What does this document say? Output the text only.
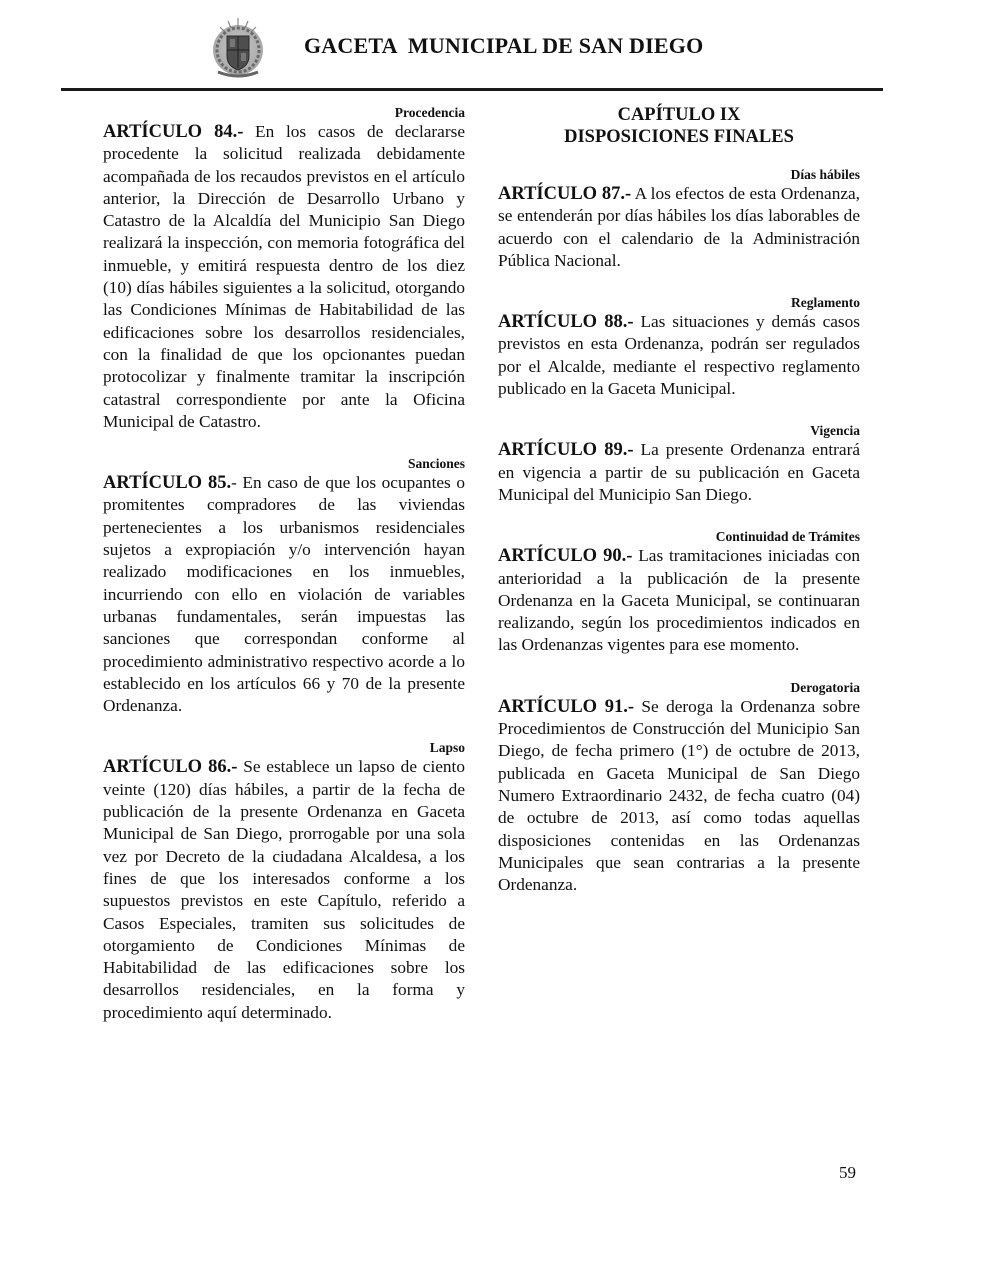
GACETA  MUNICIPAL DE SAN DIEGO

Procedencia

ARTÍCULO 84.- En los casos de declararse procedente la solicitud realizada debidamente acompañada de los recaudos previstos en el artículo anterior, la Dirección de Desarrollo Urbano y Catastro de la Alcaldía del Municipio San Diego realizará la inspección, con memoria fotográfica del inmueble, y emitirá respuesta dentro de los diez (10) días hábiles siguientes a la solicitud, otorgando las Condiciones Mínimas de Habitabilidad de las edificaciones sobre los desarrollos residenciales, con la finalidad de que los opcionantes puedan protocolizar y finalmente tramitar la inscripción catastral correspondiente por ante la Oficina Municipal de Catastro.

Sanciones

ARTÍCULO 85.- En caso de que los ocupantes o promitentes compradores de las viviendas pertenecientes a los urbanismos residenciales sujetos a expropiación y/o intervención hayan realizado modificaciones en los inmuebles, incurriendo con ello en violación de variables urbanas fundamentales, serán impuestas las sanciones que correspondan conforme al procedimiento administrativo respectivo acorde a lo establecido en los artículos 66 y 70 de la presente Ordenanza.

Lapso

ARTÍCULO 86.- Se establece un lapso de ciento veinte (120) días hábiles, a partir de la fecha de publicación de la presente Ordenanza en Gaceta Municipal de San Diego, prorrogable por una sola vez por Decreto de la ciudadana Alcaldesa, a los fines de que los interesados conforme a los supuestos previstos en este Capítulo, referido a Casos Especiales, tramiten sus solicitudes de otorgamiento de Condiciones Mínimas de Habitabilidad de las edificaciones sobre los desarrollos residenciales, en la forma y procedimiento aquí determinado.

CAPÍTULO IX

DISPOSICIONES FINALES

Días hábiles

ARTÍCULO 87.- A los efectos de esta Ordenanza, se entenderán por días hábiles los días laborables de acuerdo con el calendario de la Administración Pública Nacional.

Reglamento

ARTÍCULO 88.- Las situaciones y demás casos previstos en esta Ordenanza, podrán ser regulados por el Alcalde, mediante el respectivo reglamento publicado en la Gaceta Municipal.

Vigencia

ARTÍCULO 89.- La presente Ordenanza entrará en vigencia a partir de su publicación en Gaceta Municipal del Municipio San Diego.

Continuidad de Trámites

ARTÍCULO 90.- Las tramitaciones iniciadas con anterioridad a la publicación de la presente Ordenanza en la Gaceta Municipal, se continuaran realizando, según los procedimientos indicados en las Ordenanzas vigentes para ese momento.

Derogatoria

ARTÍCULO 91.- Se deroga la Ordenanza sobre Procedimientos de Construcción del Municipio San Diego, de fecha primero (1°) de octubre de 2013, publicada en Gaceta Municipal de San Diego Numero Extraordinario 2432, de fecha cuatro (04) de octubre de 2013, así como todas aquellas disposiciones contenidas en las Ordenanzas Municipales que sean contrarias a la presente Ordenanza.

59
